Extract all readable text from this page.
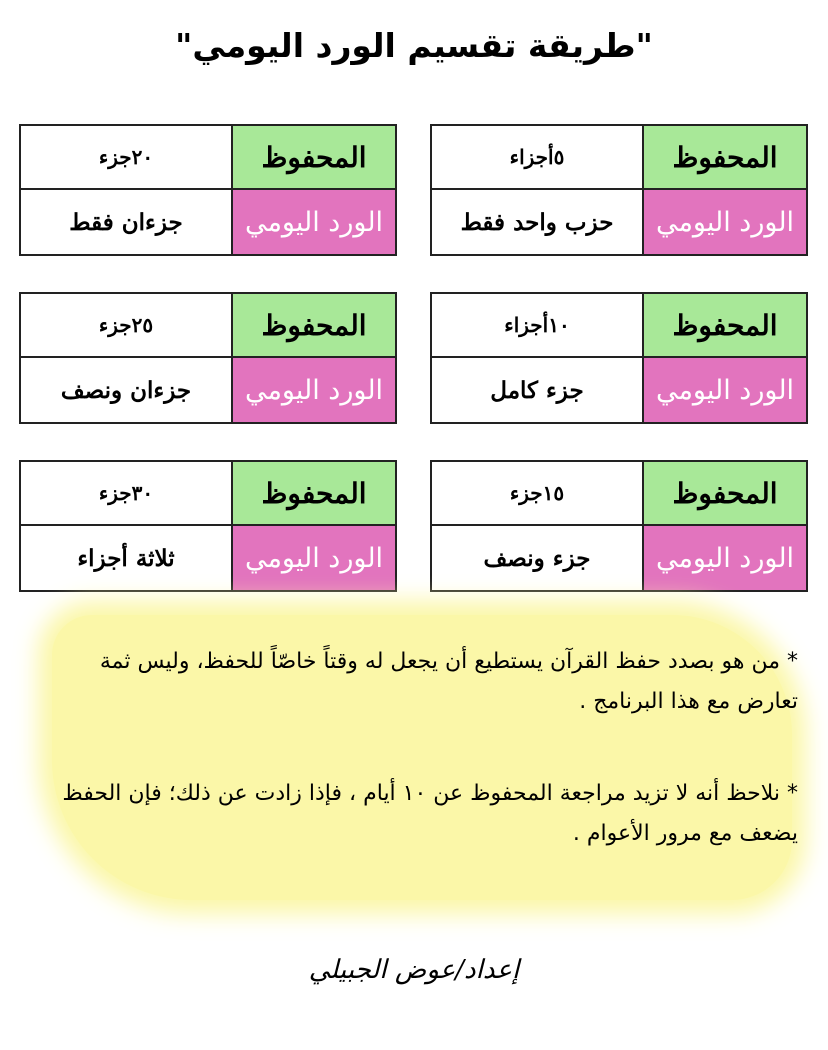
"طريقة تقسيم الورد اليومي"
المحفوظ
٥أجزاء
الورد اليومي
حزب واحد فقط
المحفوظ
٢٠جزء
الورد اليومي
جزءان فقط
المحفوظ
١٠أجزاء
الورد اليومي
جزء كامل
المحفوظ
٢٥جزء
الورد اليومي
جزءان ونصف
المحفوظ
١٥جزء
الورد اليومي
جزء ونصف
المحفوظ
٣٠جزء
الورد اليومي
ثلاثة أجزاء
* من هو بصدد حفظ القرآن يستطيع أن يجعل له وقتاً خاصّاً للحفظ، وليس ثمة تعارض مع هذا البرنامج .
* نلاحظ أنه لا تزيد مراجعة المحفوظ عن ١٠ أيام ، فإذا زادت عن ذلك؛ فإن الحفظ يضعف مع مرور الأعوام .
إعداد/عوض الجبيلي
